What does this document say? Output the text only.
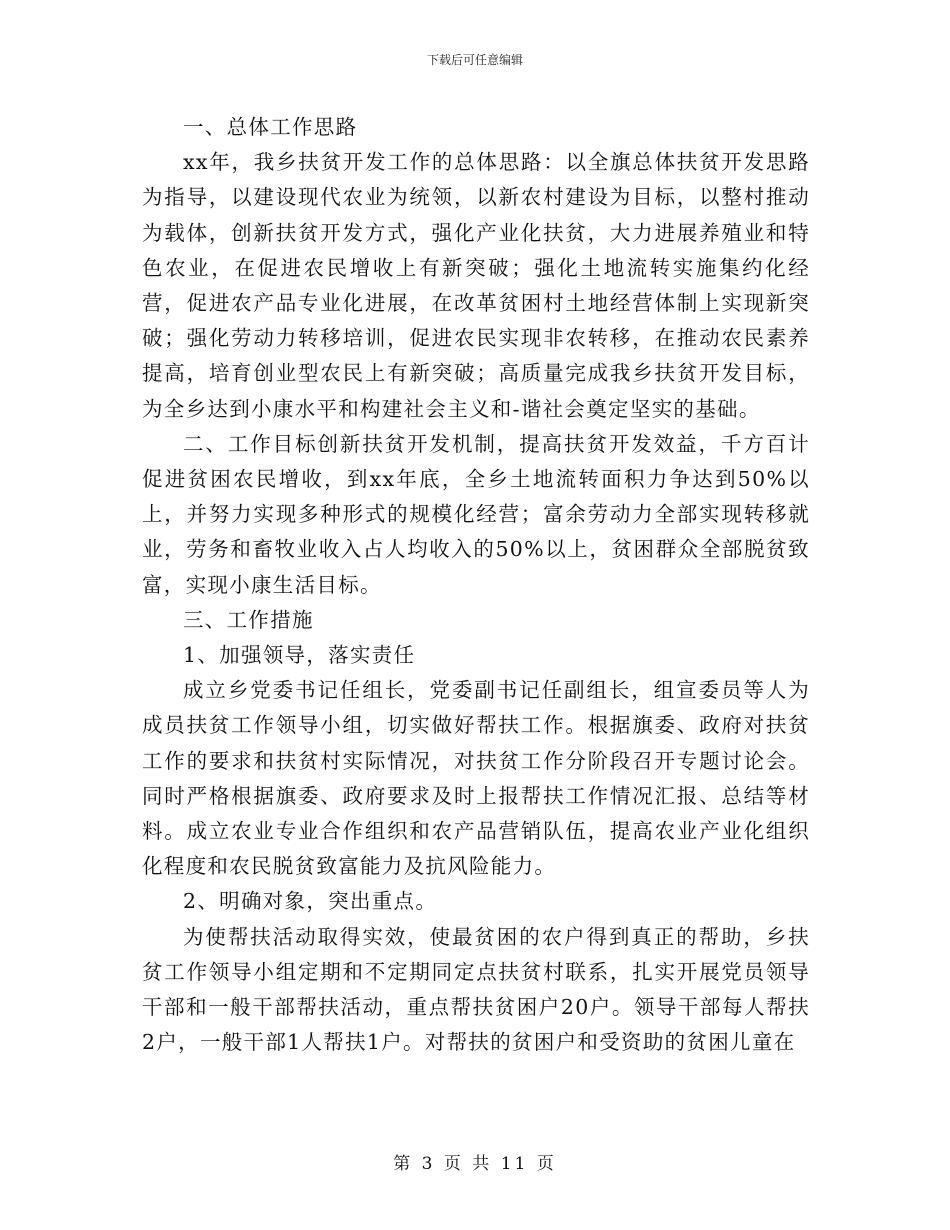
下载后可任意编辑

一、总体工作思路

xx年，我乡扶贫开发工作的总体思路：以全旗总体扶贫开发思路为指导，以建设现代农业为统领，以新农村建设为目标，以整村推动为载体，创新扶贫开发方式，强化产业化扶贫，大力进展养殖业和特色农业，在促进农民增收上有新突破；强化土地流转实施集约化经营，促进农产品专业化进展，在改革贫困村土地经营体制上实现新突破；强化劳动力转移培训，促进农民实现非农转移，在推动农民素养提高，培育创业型农民上有新突破；高质量完成我乡扶贫开发目标，为全乡达到小康水平和构建社会主义和-谐社会奠定坚实的基础。

二、工作目标创新扶贫开发机制，提高扶贫开发效益，千方百计促进贫困农民增收，到xx年底，全乡土地流转面积力争达到50%以上，并努力实现多种形式的规模化经营；富余劳动力全部实现转移就业，劳务和畜牧业收入占人均收入的50%以上，贫困群众全部脱贫致富，实现小康生活目标。

三、工作措施

1、加强领导，落实责任

成立乡党委书记任组长，党委副书记任副组长，组宣委员等人为成员扶贫工作领导小组，切实做好帮扶工作。根据旗委、政府对扶贫工作的要求和扶贫村实际情况，对扶贫工作分阶段召开专题讨论会。同时严格根据旗委、政府要求及时上报帮扶工作情况汇报、总结等材料。成立农业专业合作组织和农产品营销队伍，提高农业产业化组织化程度和农民脱贫致富能力及抗风险能力。

2、明确对象，突出重点。

为使帮扶活动取得实效，使最贫困的农户得到真正的帮助，乡扶贫工作领导小组定期和不定期同定点扶贫村联系，扎实开展党员领导干部和一般干部帮扶活动，重点帮扶贫困户20户。领导干部每人帮扶2户，一般干部1人帮扶1户。对帮扶的贫困户和受资助的贫困儿童在

第 3 页 共 11 页
